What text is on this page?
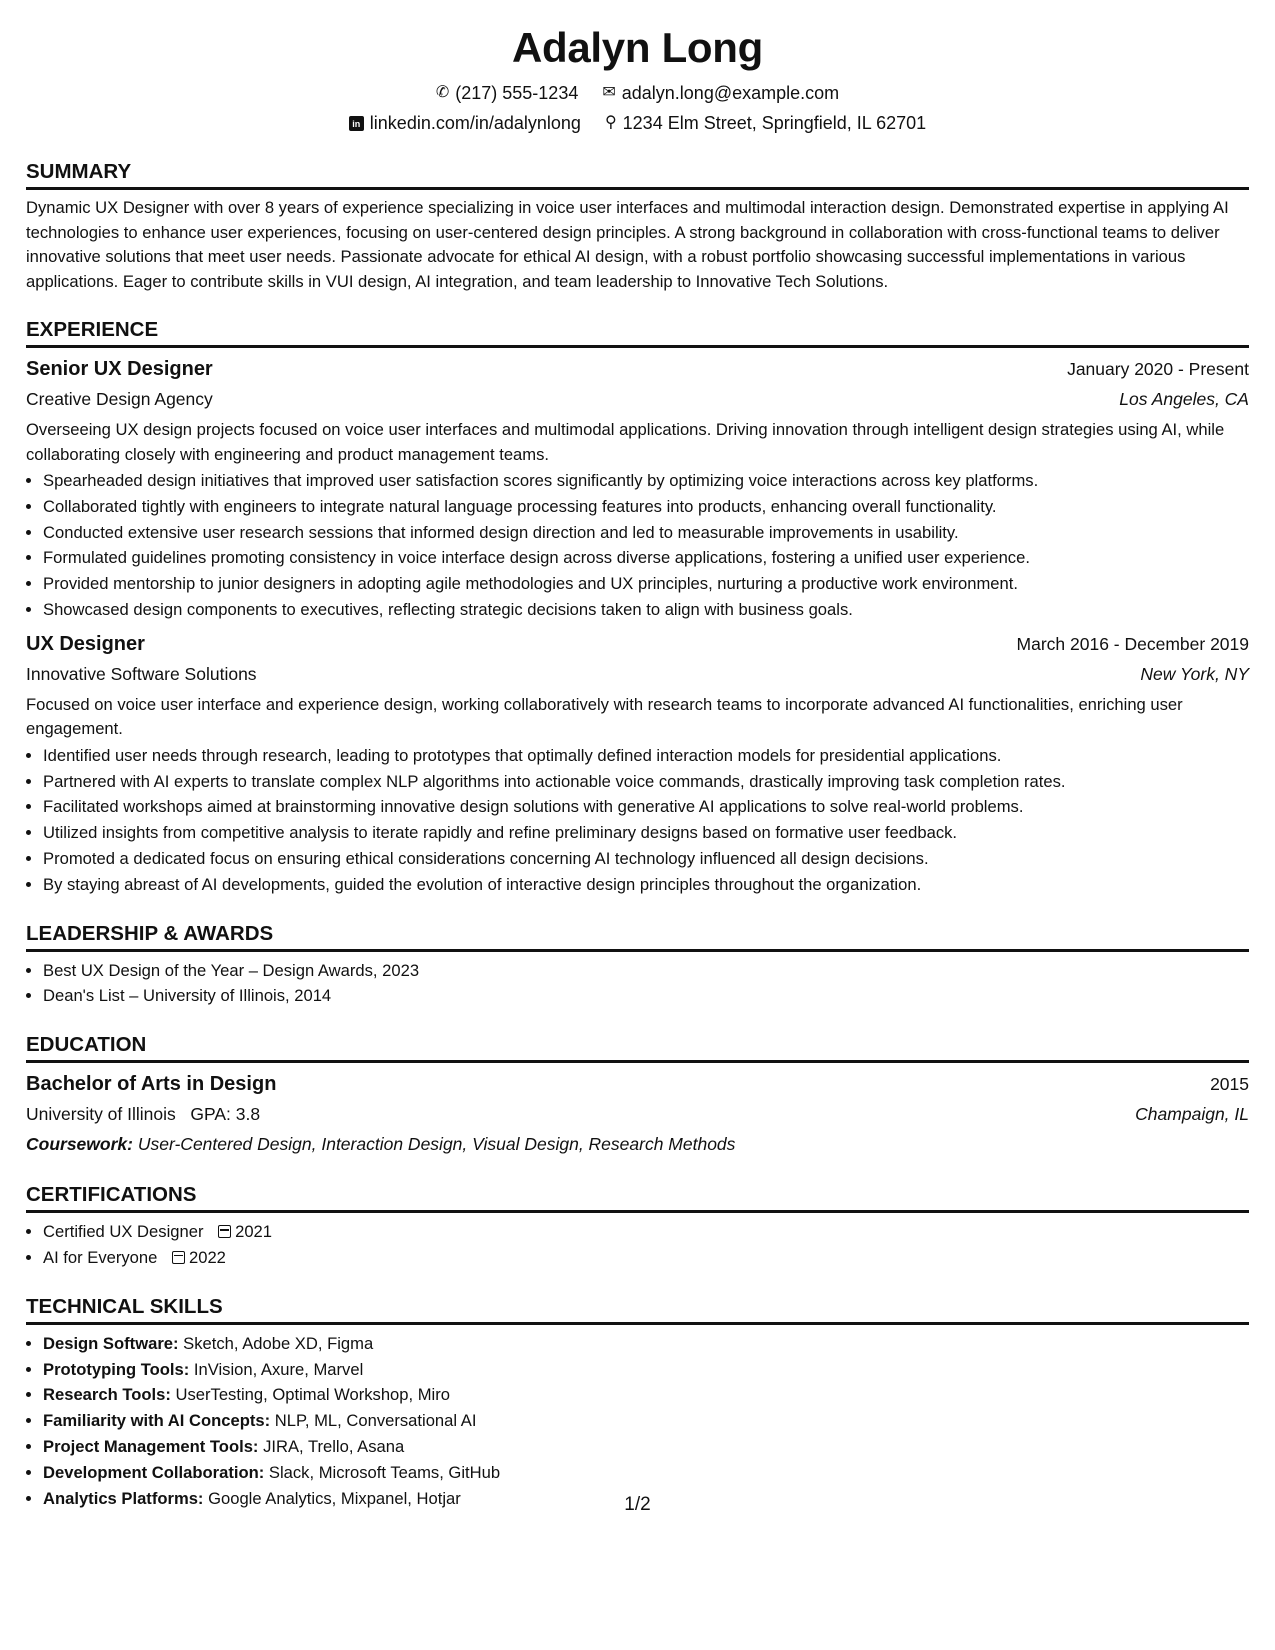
Adalyn Long
✆ (217) 555-1234 ✉ adalyn.long@example.com
in linkedin.com/in/adalynlong ⚲ 1234 Elm Street, Springfield, IL 62701
SUMMARY
Dynamic UX Designer with over 8 years of experience specializing in voice user interfaces and multimodal interaction design. Demonstrated expertise in applying AI technologies to enhance user experiences, focusing on user-centered design principles. A strong background in collaboration with cross-functional teams to deliver innovative solutions that meet user needs. Passionate advocate for ethical AI design, with a robust portfolio showcasing successful implementations in various applications. Eager to contribute skills in VUI design, AI integration, and team leadership to Innovative Tech Solutions.
EXPERIENCE
Senior UX Designer	January 2020 - Present
Creative Design Agency	Los Angeles, CA
Overseeing UX design projects focused on voice user interfaces and multimodal applications. Driving innovation through intelligent design strategies using AI, while collaborating closely with engineering and product management teams.
• Spearheaded design initiatives that improved user satisfaction scores significantly by optimizing voice interactions across key platforms.
• Collaborated tightly with engineers to integrate natural language processing features into products, enhancing overall functionality.
• Conducted extensive user research sessions that informed design direction and led to measurable improvements in usability.
• Formulated guidelines promoting consistency in voice interface design across diverse applications, fostering a unified user experience.
• Provided mentorship to junior designers in adopting agile methodologies and UX principles, nurturing a productive work environment.
• Showcased design components to executives, reflecting strategic decisions taken to align with business goals.
UX Designer	March 2016 - December 2019
Innovative Software Solutions	New York, NY
Focused on voice user interface and experience design, working collaboratively with research teams to incorporate advanced AI functionalities, enriching user engagement.
• Identified user needs through research, leading to prototypes that optimally defined interaction models for presidential applications.
• Partnered with AI experts to translate complex NLP algorithms into actionable voice commands, drastically improving task completion rates.
• Facilitated workshops aimed at brainstorming innovative design solutions with generative AI applications to solve real-world problems.
• Utilized insights from competitive analysis to iterate rapidly and refine preliminary designs based on formative user feedback.
• Promoted a dedicated focus on ensuring ethical considerations concerning AI technology influenced all design decisions.
• By staying abreast of AI developments, guided the evolution of interactive design principles throughout the organization.
LEADERSHIP & AWARDS
• Best UX Design of the Year – Design Awards, 2023
• Dean's List – University of Illinois, 2014
EDUCATION
Bachelor of Arts in Design	2015
University of Illinois GPA: 3.8	Champaign, IL
Coursework: User-Centered Design, Interaction Design, Visual Design, Research Methods
CERTIFICATIONS
• Certified UX Designer 2021
• AI for Everyone 2022
TECHNICAL SKILLS
• Design Software: Sketch, Adobe XD, Figma
• Prototyping Tools: InVision, Axure, Marvel
• Research Tools: UserTesting, Optimal Workshop, Miro
• Familiarity with AI Concepts: NLP, ML, Conversational AI
• Project Management Tools: JIRA, Trello, Asana
• Development Collaboration: Slack, Microsoft Teams, GitHub
• Analytics Platforms: Google Analytics, Mixpanel, Hotjar	1/2
